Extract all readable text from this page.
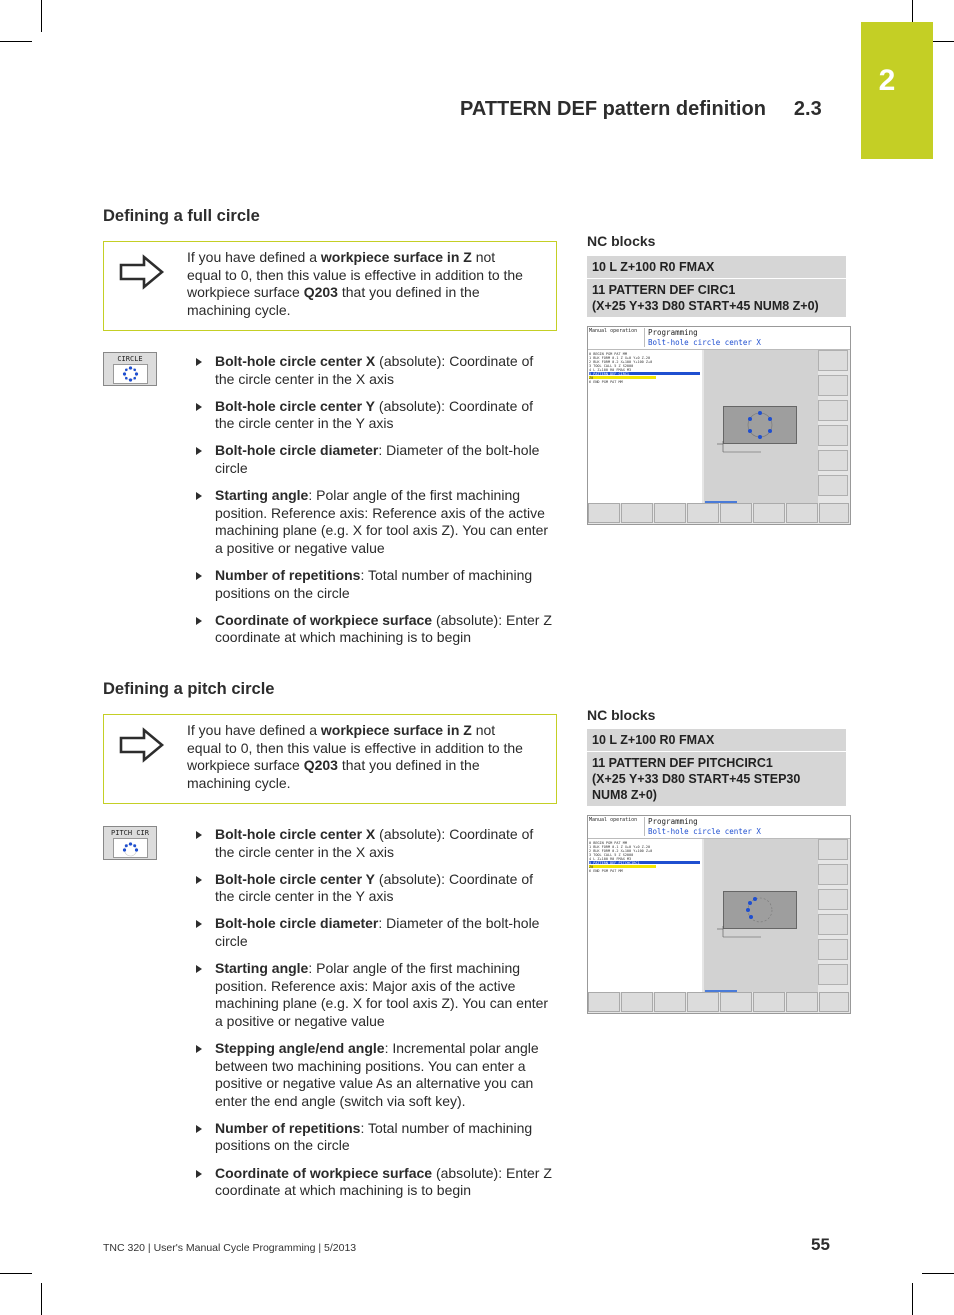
2
PATTERN DEF pattern definition 2.3
Defining a full circle
If you have defined a workpiece surface in Z not equal to 0, then this value is effective in addition to the workpiece surface Q203 that you defined in the machining cycle.
CIRCLE	Bolt-hole circle center X (absolute): Coordinate of the circle center in the X axis
Bolt-hole circle center Y (absolute): Coordinate of the circle center in the Y axis
Bolt-hole circle diameter: Diameter of the bolt-hole circle
Starting angle: Polar angle of the first machining position. Reference axis: Reference axis of the active machining plane (e.g. X for tool axis Z). You can enter a positive or negative value
Number of repetitions: Total number of machining positions on the circle
Coordinate of workpiece surface (absolute): Enter Z coordinate at which machining is to begin
NC blocks
10 L Z+100 R0 FMAX
11 PATTERN DEF CIRC1
(X+25 Y+33 D80 START+45 NUM8 Z+0)
Manual operation	Programming
Bolt-hole circle center X
0 BEGIN PGM PAT MM
1 BLK FORM 0.1 Z X+0 Y+0 Z-20
2 BLK FORM 0.2 X+100 Y+100 Z+0
3 TOOL CALL 5 Z S2000
4 L Z+100 R0 FMAX M3
5 PATTERN DEF CIRC1
Z0
6 END PGM PAT MM
Defining a pitch circle
If you have defined a workpiece surface in Z not equal to 0, then this value is effective in addition to the workpiece surface Q203 that you defined in the machining cycle.
PITCH CIR	Bolt-hole circle center X (absolute): Coordinate of the circle center in the X axis
Bolt-hole circle center Y (absolute): Coordinate of the circle center in the Y axis
Bolt-hole circle diameter: Diameter of the bolt-hole circle
Starting angle: Polar angle of the first machining position. Reference axis: Major axis of the active machining plane (e.g. X for tool axis Z). You can enter a positive or negative value
Stepping angle/end angle: Incremental polar angle between two machining positions. You can enter a positive or negative value As an alternative you can enter the end angle (switch via soft key).
Number of repetitions: Total number of machining positions on the circle
Coordinate of workpiece surface (absolute): Enter Z coordinate at which machining is to begin
NC blocks
10 L Z+100 R0 FMAX
11 PATTERN DEF PITCHCIRC1
(X+25 Y+33 D80 START+45 STEP30
NUM8 Z+0)
Manual operation	Programming
Bolt-hole circle center X
0 BEGIN PGM PAT MM
1 BLK FORM 0.1 Z X+0 Y+0 Z-20
2 BLK FORM 0.2 X+100 Y+100 Z+0
3 TOOL CALL 5 Z S2000
4 L Z+100 R0 FMAX M3
5 PATTERN DEF PITCHCIRC1
Z0
6 END PGM PAT MM
TNC 320 | User's Manual Cycle Programming | 5/2013	55
